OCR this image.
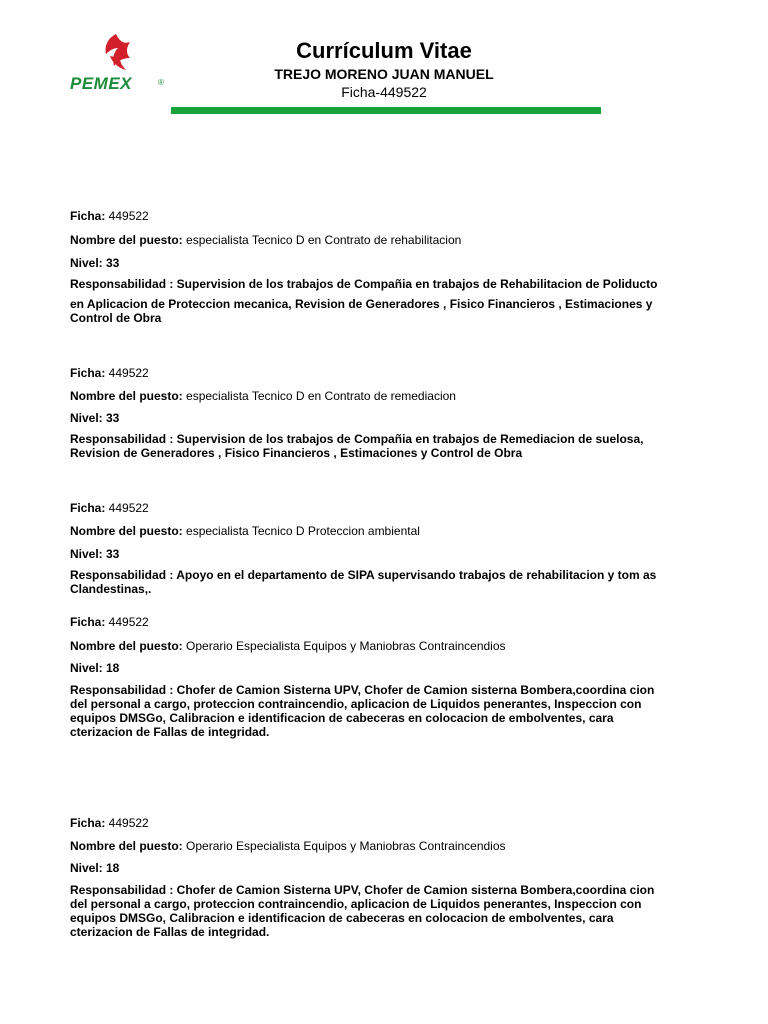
PEMEX	®
Currículum Vitae
TREJO MORENO JUAN MANUEL
Ficha-449522
Ficha: 449522
Nombre del puesto: especialista Tecnico D en Contrato de rehabilitacion
Nivel: 33
Responsabilidad : Supervision de los trabajos de Compañia en trabajos de Rehabilitacion de Poliducto
en Aplicacion de Proteccion mecanica, Revision de Generadores , Fisico Financieros , Estimaciones y Control de Obra
Ficha: 449522
Nombre del puesto: especialista Tecnico D en Contrato de remediacion
Nivel: 33
Responsabilidad : Supervision de los trabajos de Compañia en trabajos de Remediacion de suelosa, Revision de Generadores , Fisico Financieros , Estimaciones y Control de Obra
Ficha: 449522
Nombre del puesto: especialista Tecnico D Proteccion ambiental
Nivel: 33
Responsabilidad : Apoyo en el departamento de SIPA supervisando trabajos de rehabilitacion y tom as Clandestinas,.
Ficha: 449522
Nombre del puesto: Operario Especialista Equipos y Maniobras Contraincendios
Nivel: 18
Responsabilidad : Chofer de Camion Sisterna UPV, Chofer de Camion sisterna Bombera,coordina cion del personal a cargo, proteccion contraincendio, aplicacion de Liquidos penerantes, Inspeccion con equipos DMSGo, Calibracion e identificacion de cabeceras en colocacion de embolventes, cara cterizacion de Fallas de integridad.
Ficha: 449522
Nombre del puesto: Operario Especialista Equipos y Maniobras Contraincendios
Nivel: 18
Responsabilidad : Chofer de Camion Sisterna UPV, Chofer de Camion sisterna Bombera,coordina cion del personal a cargo, proteccion contraincendio, aplicacion de Liquidos penerantes, Inspeccion con equipos DMSGo, Calibracion e identificacion de cabeceras en colocacion de embolventes, cara cterizacion de Fallas de integridad.
